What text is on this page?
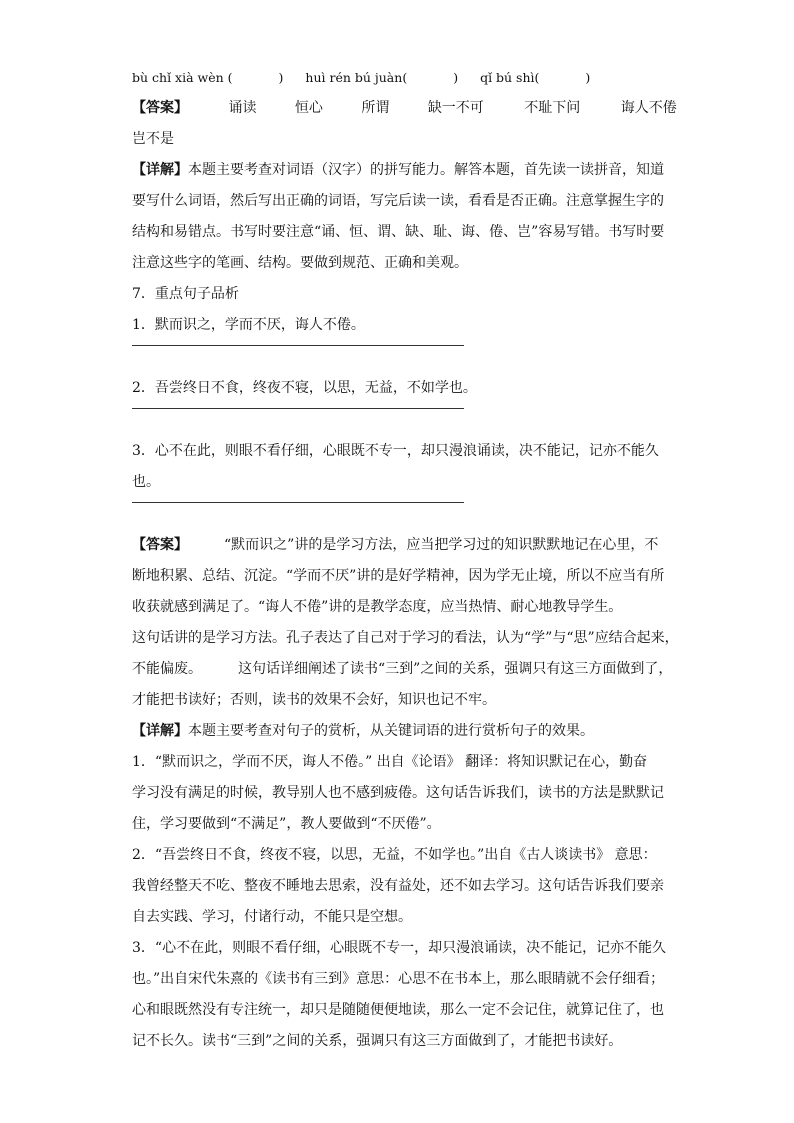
bù chǐ xià wèn (	) huì rén bú juàn(	) qǐ bú shì(	)
【答案】	诵读	恒心	所谓	缺一不可	不耻下问	诲人不倦
岂不是
【详解】本题主要考查对词语（汉字）的拼写能力。解答本题，首先读一读拼音，知道
要写什么词语，然后写出正确的词语，写完后读一读，看看是否正确。注意掌握生字的
结构和易错点。书写时要注意“诵、恒、谓、缺、耻、诲、倦、岂”容易写错。书写时要
注意这些字的笔画、结构。要做到规范、正确和美观。
7．重点句子品析
1．默而识之，学而不厌，诲人不倦。
2．吾尝终日不食，终夜不寝，以思，无益，不如学也。
3．心不在此，则眼不看仔细，心眼既不专一，却只漫浪诵读，决不能记，记亦不能久
也。
【答案】	“默而识之”讲的是学习方法，应当把学习过的知识默默地记在心里，不
断地积累、总结、沉淀。“学而不厌”讲的是好学精神，因为学无止境，所以不应当有所
收获就感到满足了。“诲人不倦”讲的是教学态度，应当热情、耐心地教导学生。
这句话讲的是学习方法。孔子表达了自己对于学习的看法，认为“学”与“思”应结合起来，
不能偏废。	这句话详细阐述了读书“三到”之间的关系，强调只有这三方面做到了，
才能把书读好；否则，读书的效果不会好，知识也记不牢。
【详解】本题主要考查对句子的赏析，从关键词语的进行赏析句子的效果。
1．“默而识之，学而不厌，诲人不倦。” 出自《论语》 翻译：将知识默记在心，勤奋
学习没有满足的时候，教导别人也不感到疲倦。这句话告诉我们，读书的方法是默默记
住，学习要做到“不满足”，教人要做到“不厌倦”。
2．“吾尝终日不食，终夜不寝，以思，无益，不如学也。”出自《古人谈读书》 意思：
我曾经整天不吃、整夜不睡地去思索，没有益处，还不如去学习。这句话告诉我们要亲
自去实践、学习，付诸行动，不能只是空想。
3．“心不在此，则眼不看仔细，心眼既不专一，却只漫浪诵读，决不能记，记亦不能久
也。”出自宋代朱熹的《读书有三到》意思：心思不在书本上，那么眼睛就不会仔细看；
心和眼既然没有专注统一，却只是随随便便地读，那么一定不会记住，就算记住了，也
记不长久。读书“三到”之间的关系，强调只有这三方面做到了，才能把书读好。
